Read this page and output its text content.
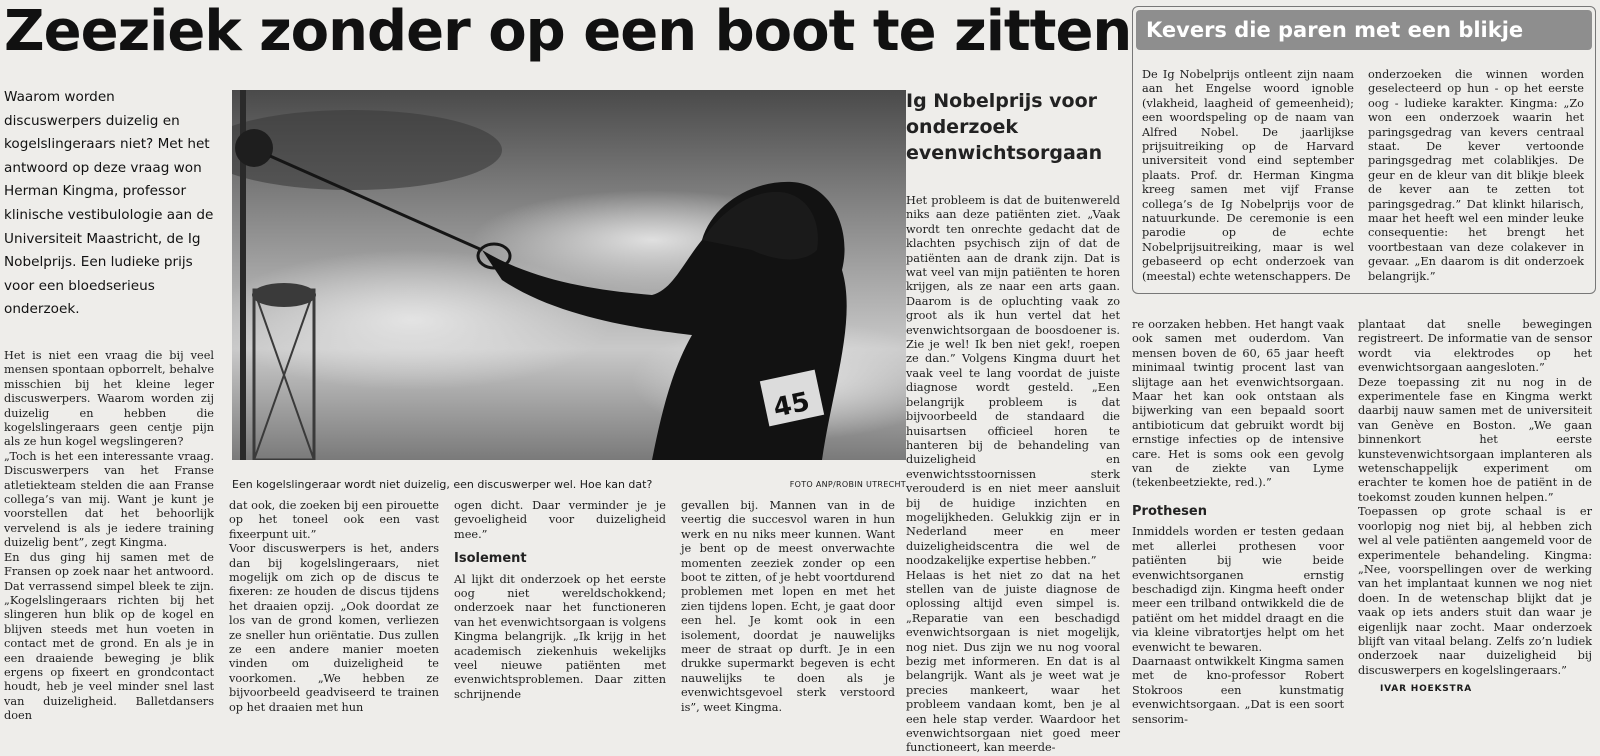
Zeeziek zonder op een boot te zitten
Waarom worden discuswerpers duizelig en kogelslingeraars niet? Met het antwoord op deze vraag won Herman Kingma, professor klinische vestibulologie aan de Universiteit Maastricht, de Ig Nobelprijs. Een ludieke prijs voor een bloedserieus onderzoek.
45
Een kogelslingeraar wordt niet duizelig, een discuswerper wel. Hoe kan dat?	FOTO ANP/ROBIN UTRECHT
Het is niet een vraag die bij veel mensen spontaan opborrelt, behalve misschien bij het kleine leger discuswerpers. Waarom worden zij duizelig en hebben die kogelslingeraars geen centje pijn als ze hun kogel wegslingeren?
„Toch is het een interessante vraag. Discuswerpers van het Franse atletiekteam stelden die aan Franse collega’s van mij. Want je kunt je voorstellen dat het behoorlijk vervelend is als je iedere training duizelig bent”, zegt Kingma.
En dus ging hij samen met de Fransen op zoek naar het antwoord. Dat verrassend simpel bleek te zijn. „Kogelslingeraars richten bij het slingeren hun blik op de kogel en blijven steeds met hun voeten in contact met de grond. En als je in een draaiende beweging je blik ergens op fixeert en grondcontact houdt, heb je veel minder snel last van duizeligheid. Balletdansers doen
dat ook, die zoeken bij een pirouette op het toneel ook een vast fixeerpunt uit.”
Voor discuswerpers is het, anders dan bij kogelslingeraars, niet mogelijk om zich op de discus te fixeren: ze houden de discus tijdens het draaien opzij. „Ook doordat ze los van de grond komen, verliezen ze sneller hun oriëntatie. Dus zullen ze een andere manier moeten vinden om duizeligheid te voorkomen. „We hebben ze bijvoorbeeld geadviseerd te trainen op het draaien met hun

ogen dicht. Daar verminder je je gevoeligheid voor duizeligheid mee.”

Isolement

Al lijkt dit onderzoek op het eerste oog niet wereldschokkend; onderzoek naar het functioneren van het evenwichtsorgaan is volgens Kingma belangrijk. „Ik krijg in het academisch ziekenhuis wekelijks veel nieuwe patiënten met evenwichtsproblemen. Daar zitten schrijnende

gevallen bij. Mannen van in de veertig die succesvol waren in hun werk en nu niks meer kunnen. Want je bent op de meest onverwachte momenten zeeziek zonder op een boot te zitten, of je hebt voortdurend problemen met lopen en met het zien tijdens lopen. Echt, je gaat door een hel. Je komt ook in een isolement, doordat je nauwelijks meer de straat op durft. Je in een drukke supermarkt begeven is echt nauwelijks te doen als je evenwichtsgevoel sterk verstoord is”, weet Kingma.
Ig Nobelprijs voor onderzoek evenwichtsorgaan
Het probleem is dat de buitenwereld niks aan deze patiënten ziet. „Vaak wordt ten onrechte gedacht dat de klachten psychisch zijn of dat de patiënten aan de drank zijn. Dat is wat veel van mijn patiënten te horen krijgen, als ze naar een arts gaan. Daarom is de opluchting vaak zo groot als ik hun vertel dat het evenwichtsorgaan de boosdoener is. Zie je wel! Ik ben niet gek!, roepen ze dan.” Volgens Kingma duurt het vaak veel te lang voordat de juiste diagnose wordt gesteld. „Een belangrijk probleem is dat bijvoorbeeld de standaard die huisartsen officieel horen te hanteren bij de behandeling van duizeligheid en evenwichtsstoornissen sterk verouderd is en niet meer aansluit bij de huidige inzichten en mogelijkheden. Gelukkig zijn er in Nederland meer en meer duizeligheidscentra die wel de noodzakelijke expertise hebben.”
Helaas is het niet zo dat na het stellen van de juiste diagnose de oplossing altijd even simpel is. „Reparatie van een beschadigd evenwichtsorgaan is niet mogelijk, nog niet. Dus zijn we nu nog vooral bezig met informeren. En dat is al belangrijk. Want als je weet wat je precies mankeert, waar het probleem vandaan komt, ben je al een hele stap verder. Waardoor het evenwichtsorgaan niet goed meer functioneert, kan meerde-
Kevers die paren met een blikje
De Ig Nobelprijs ontleent zijn naam aan het Engelse woord ignoble (vlakheid, laagheid of gemeenheid); een woordspeling op de naam van Alfred Nobel. De jaarlijkse prijsuitreiking op de Harvard universiteit vond eind september plaats. Prof. dr. Herman Kingma kreeg samen met vijf Franse collega’s de Ig Nobelprijs voor de natuurkunde. De ceremonie is een parodie op de echte Nobelprijsuitreiking, maar is wel gebaseerd op echt onderzoek van (meestal) echte wetenschappers. De
onderzoeken die winnen worden geselecteerd op hun - op het eerste oog - ludieke karakter. Kingma: „Zo won een onderzoek waarin het paringsgedrag van kevers centraal staat. De kever vertoonde paringsgedrag met colablikjes. De geur en de kleur van dit blikje bleek de kever aan te zetten tot paringsgedrag.” Dat klinkt hilarisch, maar het heeft wel een minder leuke consequentie: het brengt het voortbestaan van deze colakever in gevaar. „En daarom is dit onderzoek belangrijk.”

re oorzaken hebben. Het hangt vaak ook samen met ouderdom. Van mensen boven de 60, 65 jaar heeft minimaal twintig procent last van slijtage aan het evenwichtsorgaan. Maar het kan ook ontstaan als bijwerking van een bepaald soort antibioticum dat gebruikt wordt bij ernstige infecties op de intensive care. Het is soms ook een gevolg van de ziekte van Lyme (tekenbeetziekte, red.).”

Prothesen

Inmiddels worden er testen gedaan met allerlei prothesen voor patiënten bij wie beide evenwichtsorganen ernstig beschadigd zijn. Kingma heeft onder meer een trilband ontwikkeld die de patiënt om het middel draagt en die via kleine vibratortjes helpt om het evenwicht te bewaren.
Daarnaast ontwikkelt Kingma samen met de kno-professor Robert Stokroos een kunstmatig evenwichtsorgaan. „Dat is een soort sensorim-

plantaat dat snelle bewegingen registreert. De informatie van de sensor wordt via elektrodes op het evenwichtsorgaan aangesloten.”
Deze toepassing zit nu nog in de experimentele fase en Kingma werkt daarbij nauw samen met de universiteit van Genève en Boston. „We gaan binnenkort het eerste kunstevenwichtsorgaan implanteren als wetenschappelijk experiment om erachter te komen hoe de patiënt in de toekomst zouden kunnen helpen.”
Toepassen op grote schaal is er voorlopig nog niet bij, al hebben zich wel al vele patiënten aangemeld voor de experimentele behandeling. Kingma: „Nee, voorspellingen over de werking van het implantaat kunnen we nog niet doen. In de wetenschap blijkt dat je vaak op iets anders stuit dan waar je eigenlijk naar zocht. Maar onderzoek blijft van vitaal belang. Zelfs zo’n ludiek onderzoek naar duizeligheid bij discuswerpers en kogelslingeraars.”
IVAR HOEKSTRA
